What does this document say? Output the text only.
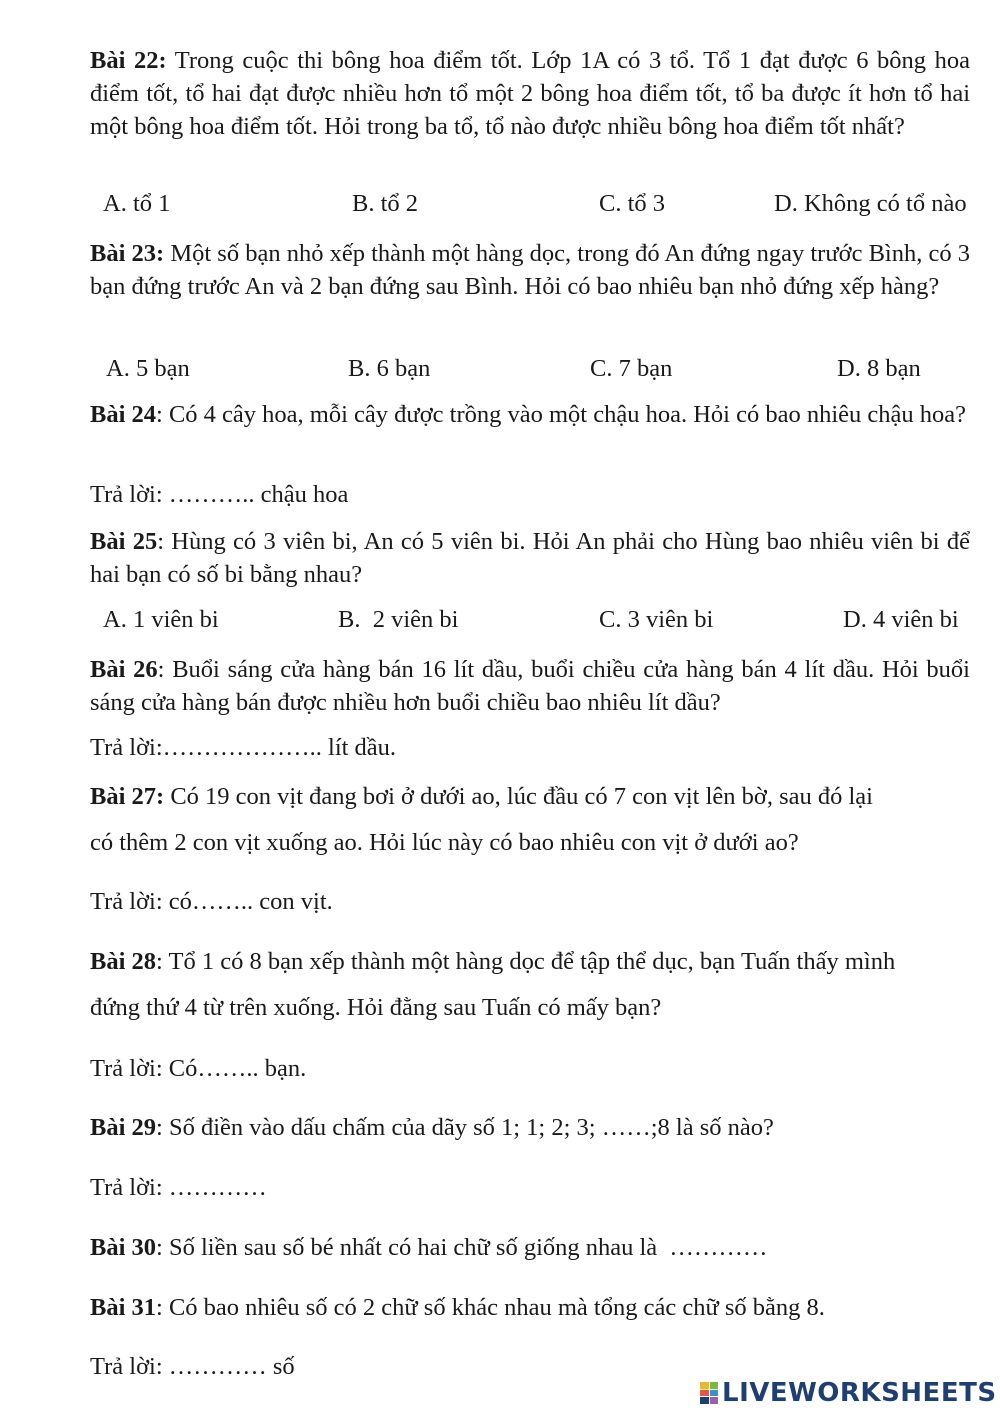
Bài 22: Trong cuộc thi bông hoa điểm tốt. Lớp 1A có 3 tổ. Tổ 1 đạt được 6 bông hoa điểm tốt, tổ hai đạt được nhiều hơn tổ một 2 bông hoa điểm tốt, tổ ba được ít hơn tổ hai một bông hoa điểm tốt. Hỏi trong ba tổ, tổ nào được nhiều bông hoa điểm tốt nhất?
A. tổ 1	B. tổ 2	C. tổ 3	D. Không có tổ nào
Bài 23: Một số bạn nhỏ xếp thành một hàng dọc, trong đó An đứng ngay trước Bình, có 3 bạn đứng trước An và 2 bạn đứng sau Bình. Hỏi có bao nhiêu bạn nhỏ đứng xếp hàng?
A. 5 bạn	B. 6 bạn	C. 7 bạn	D. 8 bạn
Bài 24: Có 4 cây hoa, mỗi cây được trồng vào một chậu hoa. Hỏi có bao nhiêu chậu hoa?
Trả lời: ……….. chậu hoa
Bài 25: Hùng có 3 viên bi, An có 5 viên bi. Hỏi An phải cho Hùng bao nhiêu viên bi để hai bạn có số bi bằng nhau?
A. 1 viên bi	B.  2 viên bi	C. 3 viên bi	D. 4 viên bi
Bài 26: Buổi sáng cửa hàng bán 16 lít dầu, buổi chiều cửa hàng bán 4 lít dầu. Hỏi buổi sáng cửa hàng bán được nhiều hơn buổi chiều bao nhiêu lít dầu?
Trả lời:……………….. lít dầu.
Bài 27: Có 19 con vịt đang bơi ở dưới ao, lúc đầu có 7 con vịt lên bờ, sau đó lại
có thêm 2 con vịt xuống ao. Hỏi lúc này có bao nhiêu con vịt ở dưới ao?
Trả lời: có…….. con vịt.
Bài 28: Tổ 1 có 8 bạn xếp thành một hàng dọc để tập thể dục, bạn Tuấn thấy mình
đứng thứ 4 từ trên xuống. Hỏi đằng sau Tuấn có mấy bạn?
Trả lời: Có…….. bạn.
Bài 29: Số điền vào dấu chấm của dãy số 1; 1; 2; 3; ……;8 là số nào?
Trả lời: …………
Bài 30: Số liền sau số bé nhất có hai chữ số giống nhau là  …………
Bài 31: Có bao nhiêu số có 2 chữ số khác nhau mà tổng các chữ số bằng 8.
Trả lời: ………… số
LIVEWORKSHEETS
